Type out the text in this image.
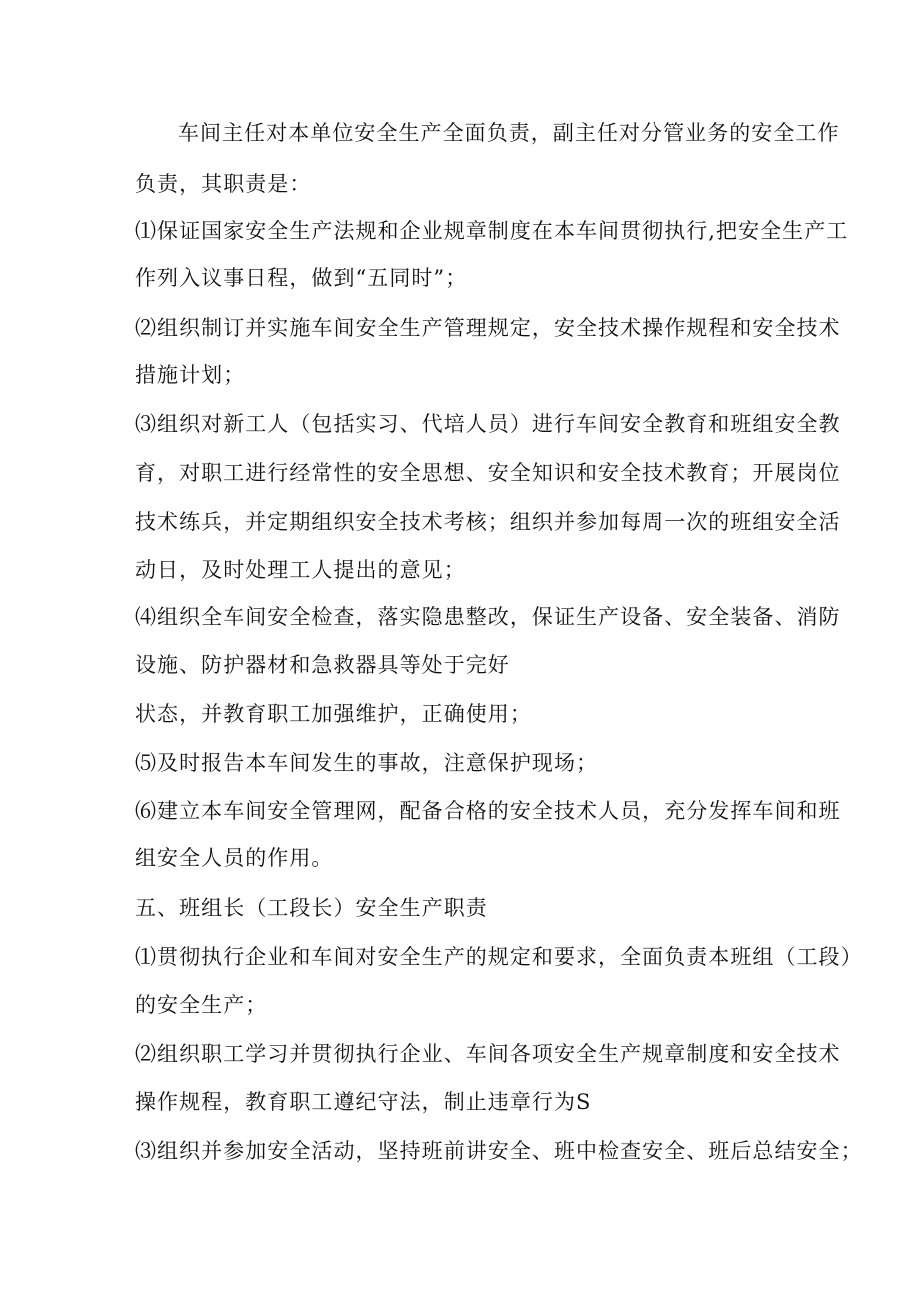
车间主任对本单位安全生产全面负责，副主任对分管业务的安全工作
负责，其职责是：
⑴保证国家安全生产法规和企业规章制度在本车间贯彻执行,把安全生产工
作列入议事日程，做到“五同时”；
⑵组织制订并实施车间安全生产管理规定，安全技术操作规程和安全技术
措施计划；
⑶组织对新工人（包括实习、代培人员）进行车间安全教育和班组安全教
育，对职工进行经常性的安全思想、安全知识和安全技术教育；开展岗位
技术练兵，并定期组织安全技术考核；组织并参加每周一次的班组安全活
动日，及时处理工人提出的意见；
⑷组织全车间安全检查，落实隐患整改，保证生产设备、安全装备、消防
设施、防护器材和急救器具等处于完好
状态，并教育职工加强维护，正确使用；
⑸及时报告本车间发生的事故，注意保护现场；
⑹建立本车间安全管理网，配备合格的安全技术人员，充分发挥车间和班
组安全人员的作用。
五、班组长（工段长）安全生产职责
⑴贯彻执行企业和车间对安全生产的规定和要求，全面负责本班组（工段）
的安全生产；
⑵组织职工学习并贯彻执行企业、车间各项安全生产规章制度和安全技术
操作规程，教育职工遵纪守法，制止违章行为S
⑶组织并参加安全活动，坚持班前讲安全、班中检查安全、班后总结安全；
